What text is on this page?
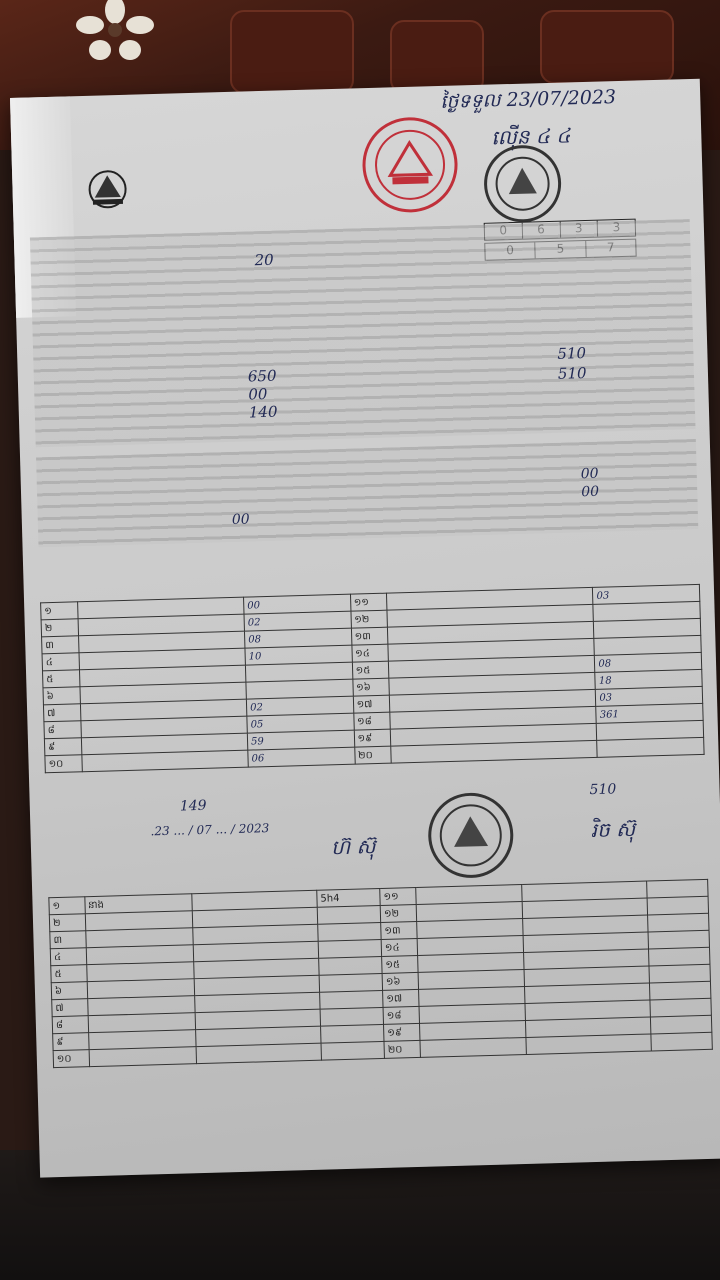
ថ្ងៃទទួល 23/07/2023
ល៉ើន ៤ ៤
20
650
00
140
510
510
00
00
00
១		00	១១		03
២		02	១២		
៣		08	១៣		
៤		10	១៤		
៥			១៥		08
៦			១៦		18
៧		02	១៧		03
៨		05	១៨		361
៩		59	១៩		
១០		06	២០		
149
510
.23 ... / 07 ... / 2023
ហ៊ ស៊ុ
រិច ស៊ុ
១	នាង		5h4	១១			
២				១២			
៣				១៣			
៤				១៤			
៥				១៥			
៦				១៦			
៧				១៧			
៨				១៨			
៩				១៩			
១០				២០			
